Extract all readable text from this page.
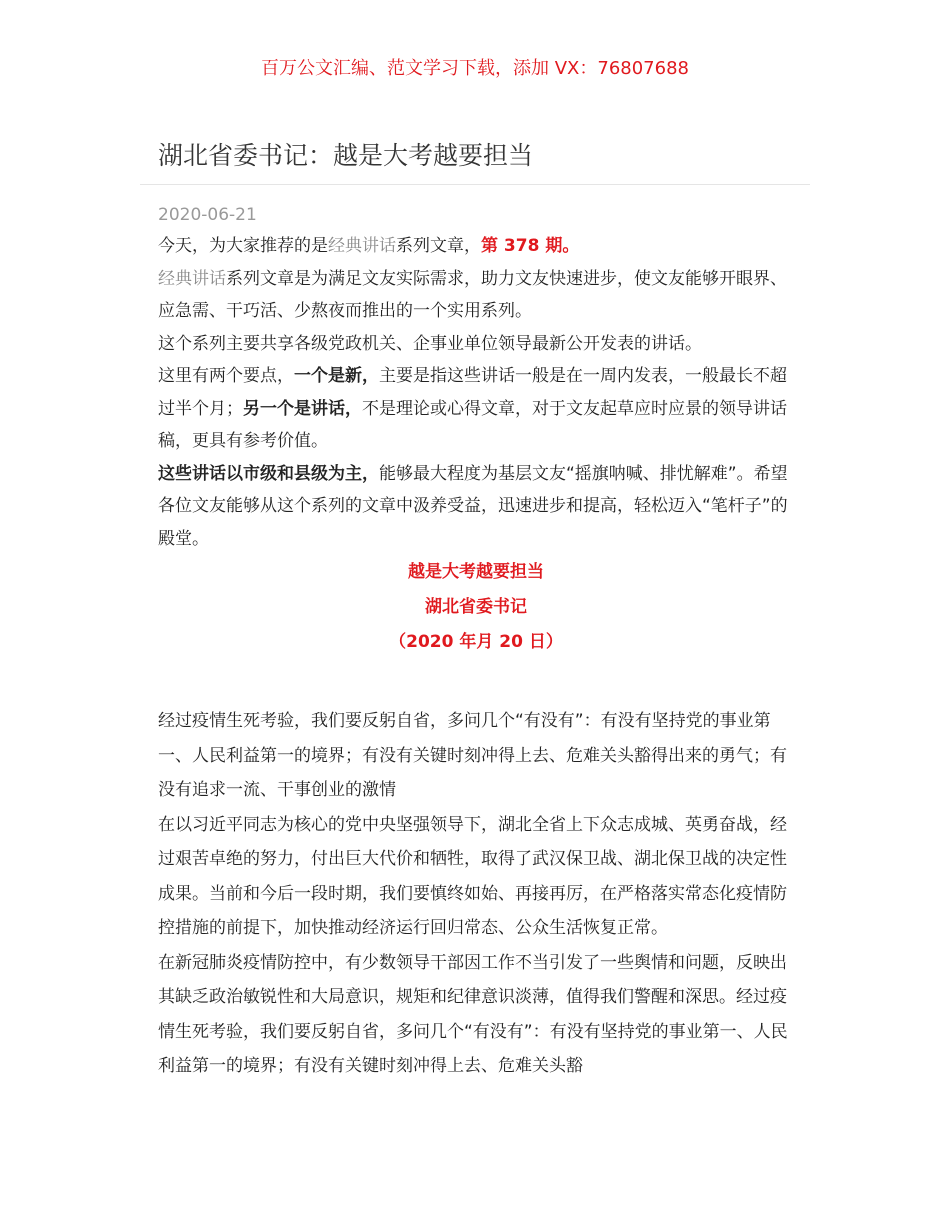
百万公文汇编、范文学习下载，添加 VX：76807688
湖北省委书记：越是大考越要担当
2020-06-21

今天，为大家推荐的是经典讲话系列文章，第 378 期。

经典讲话系列文章是为满足文友实际需求，助力文友快速进步，使文友能够开眼界、应急需、干巧活、少熬夜而推出的一个实用系列。

这个系列主要共享各级党政机关、企事业单位领导最新公开发表的讲话。

这里有两个要点，一个是新，主要是指这些讲话一般是在一周内发表，一般最长不超过半个月；另一个是讲话，不是理论或心得文章，对于文友起草应时应景的领导讲话稿，更具有参考价值。

这些讲话以市级和县级为主，能够最大程度为基层文友“摇旗呐喊、排忧解难”。希望各位文友能够从这个系列的文章中汲养受益，迅速进步和提高，轻松迈入“笔杆子”的殿堂。

越是大考越要担当

湖北省委书记

（2020 年月 20 日）

经过疫情生死考验，我们要反躬自省，多问几个“有没有”：有没有坚持党的事业第一、人民利益第一的境界；有没有关键时刻冲得上去、危难关头豁得出来的勇气；有没有追求一流、干事创业的激情

在以习近平同志为核心的党中央坚强领导下，湖北全省上下众志成城、英勇奋战，经过艰苦卓绝的努力，付出巨大代价和牺牲，取得了武汉保卫战、湖北保卫战的决定性成果。当前和今后一段时期，我们要慎终如始、再接再厉，在严格落实常态化疫情防控措施的前提下，加快推动经济运行回归常态、公众生活恢复正常。

在新冠肺炎疫情防控中，有少数领导干部因工作不当引发了一些舆情和问题，反映出其缺乏政治敏锐性和大局意识，规矩和纪律意识淡薄，值得我们警醒和深思。经过疫情生死考验，我们要反躬自省，多问几个“有没有”：有没有坚持党的事业第一、人民利益第一的境界；有没有关键时刻冲得上去、危难关头豁
